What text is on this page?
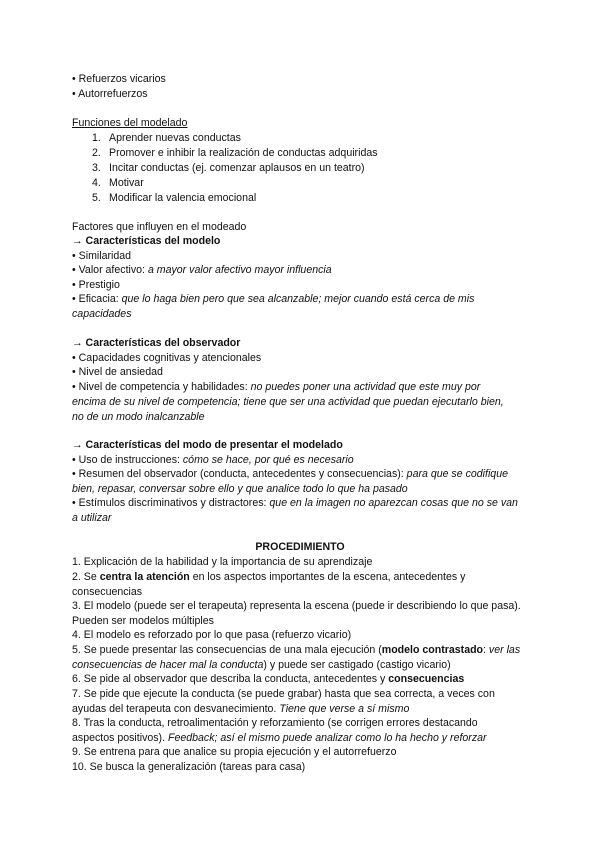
• Refuerzos vicarios
• Autorrefuerzos
Funciones del modelado
1. Aprender nuevas conductas
2. Promover e inhibir la realización de conductas adquiridas
3. Incitar conductas (ej. comenzar aplausos en un teatro)
4. Motivar
5. Modificar la valencia emocional
Factores que influyen en el modeado
→ Características del modelo
• Similaridad
• Valor afectivo: a mayor valor afectivo mayor influencia
• Prestigio
• Eficacia: que lo haga bien pero que sea alcanzable; mejor cuando está cerca de mis capacidades
→ Características del observador
• Capacidades cognitivas y atencionales
• Nivel de ansiedad
• Nivel de competencia y habilidades: no puedes poner una actividad que este muy por encima de su nivel de competencia; tiene que ser una actividad que puedan ejecutarlo bien, no de un modo inalcanzable
→ Características del modo de presentar el modelado
• Uso de instrucciones: cómo se hace, por qué es necesario
• Resumen del observador (conducta, antecedentes y consecuencias): para que se codifique bien, repasar, conversar sobre ello y que analice todo lo que ha pasado
• Estímulos discriminativos y distractores: que en la imagen no aparezcan cosas que no se van a utilizar
PROCEDIMIENTO
1. Explicación de la habilidad y la importancia de su aprendizaje
2. Se centra la atención en los aspectos importantes de la escena, antecedentes y consecuencias
3. El modelo (puede ser el terapeuta) representa la escena (puede ir describiendo lo que pasa). Pueden ser modelos múltiples
4. El modelo es reforzado por lo que pasa (refuerzo vicario)
5. Se puede presentar las consecuencias de una mala ejecución (modelo contrastado: ver las consecuencias de hacer mal la conducta) y puede ser castigado (castigo vicario)
6. Se pide al observador que describa la conducta, antecedentes y consecuencias
7. Se pide que ejecute la conducta (se puede grabar) hasta que sea correcta, a veces con ayudas del terapeuta con desvanecimiento. Tiene que verse a sí mismo
8. Tras la conducta, retroalimentación y reforzamiento (se corrigen errores destacando aspectos positivos). Feedback; así el mismo puede analizar como lo ha hecho y reforzar
9. Se entrena para que analice su propia ejecución y el autorrefuerzo
10. Se busca la generalización (tareas para casa)
